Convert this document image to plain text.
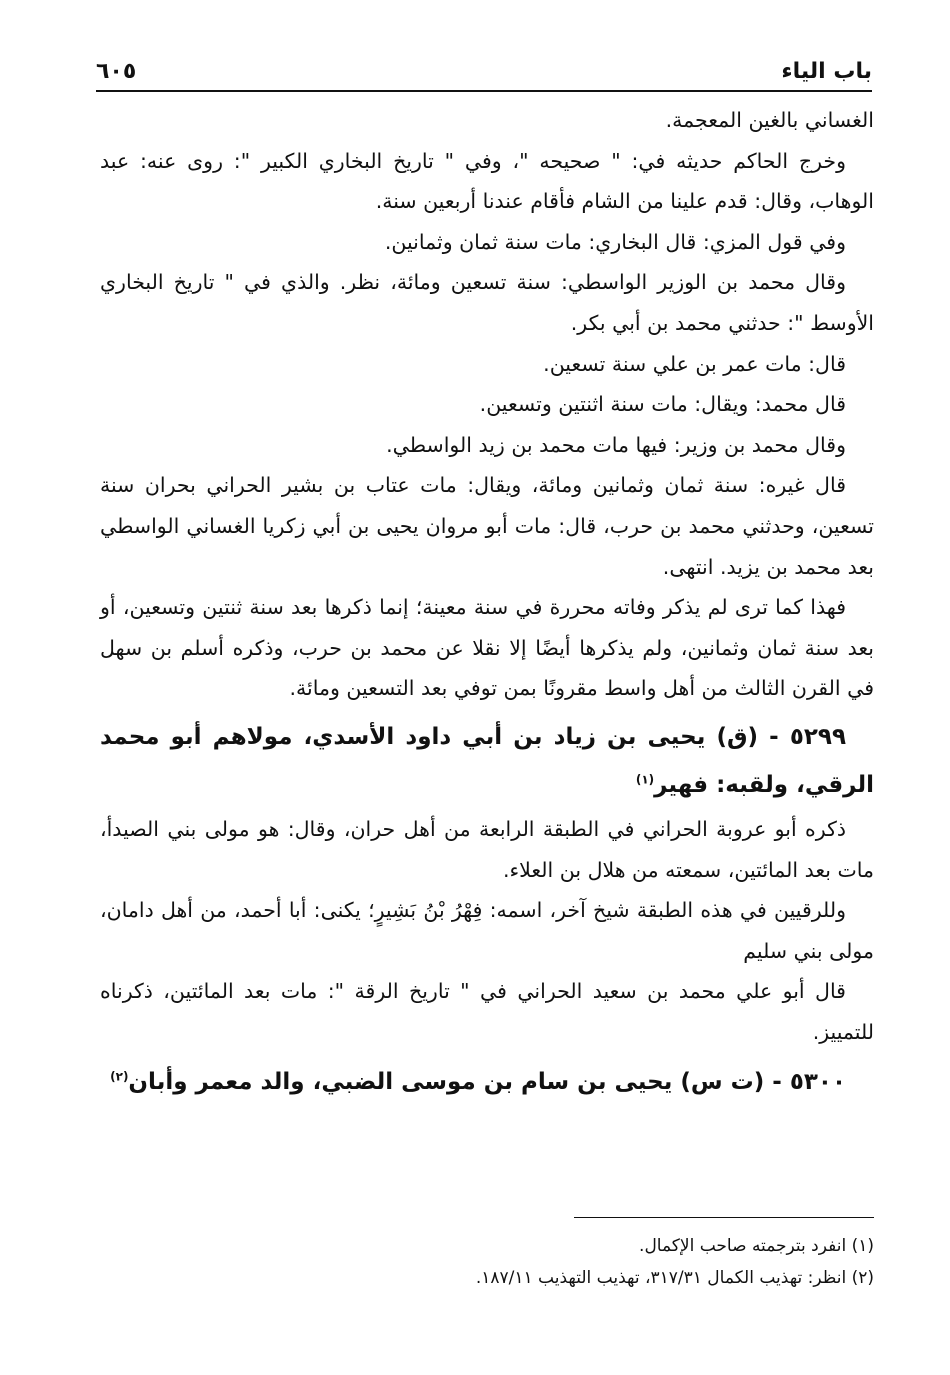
باب الياء
٦٠٥

الغساني بالغين المعجمة.

وخرج الحاكم حديثه في: " صحيحه "، وفي " تاريخ البخاري الكبير ": روى عنه: عبد الوهاب، وقال: قدم علينا من الشام فأقام عندنا أربعين سنة.

وفي قول المزي: قال البخاري: مات سنة ثمان وثمانين.

وقال محمد بن الوزير الواسطي: سنة تسعين ومائة، نظر. والذي في " تاريخ البخاري الأوسط ": حدثني محمد بن أبي بكر.

قال: مات عمر بن علي سنة تسعين.

قال محمد: ويقال: مات سنة اثنتين وتسعين.

وقال محمد بن وزير: فيها مات محمد بن زيد الواسطي.

قال غيره: سنة ثمان وثمانين ومائة، ويقال: مات عتاب بن بشير الحراني بحران سنة تسعين، وحدثني محمد بن حرب، قال: مات أبو مروان يحيى بن أبي زكريا الغساني الواسطي بعد محمد بن يزيد. انتهى.

فهذا كما ترى لم يذكر وفاته محررة في سنة معينة؛ إنما ذكرها بعد سنة ثنتين وتسعين، أو بعد سنة ثمان وثمانين، ولم يذكرها أيضًا إلا نقلا عن محمد بن حرب، وذكره أسلم بن سهل في القرن الثالث من أهل واسط مقرونًا بمن توفي بعد التسعين ومائة.

٥٢٩٩ - (ق) يحيى بن زياد بن أبي داود الأسدي، مولاهم أبو محمد الرقي، ولقبه: فهير$^{(١)}$

ذكره أبو عروبة الحراني في الطبقة الرابعة من أهل حران، وقال: هو مولى بني الصيدأ، مات بعد المائتين، سمعته من هلال بن العلاء.

وللرقيين في هذه الطبقة شيخ آخر، اسمه: فِهْرُ بْنُ بَشِيرٍ؛ يكنى: أبا أحمد، من أهل دامان، مولى بني سليم

قال أبو علي محمد بن سعيد الحراني في " تاريخ الرقة ": مات بعد المائتين، ذكرناه للتمييز.

٥٣٠٠ - (ت س) يحيى بن سام بن موسى الضبي، والد معمر وأبان$^{(٢)}$

(١) انفرد بترجمته صاحب الإكمال.

(٢) انظر: تهذيب الكمال ٣١٧/٣١، تهذيب التهذيب ١٨٧/١١.
